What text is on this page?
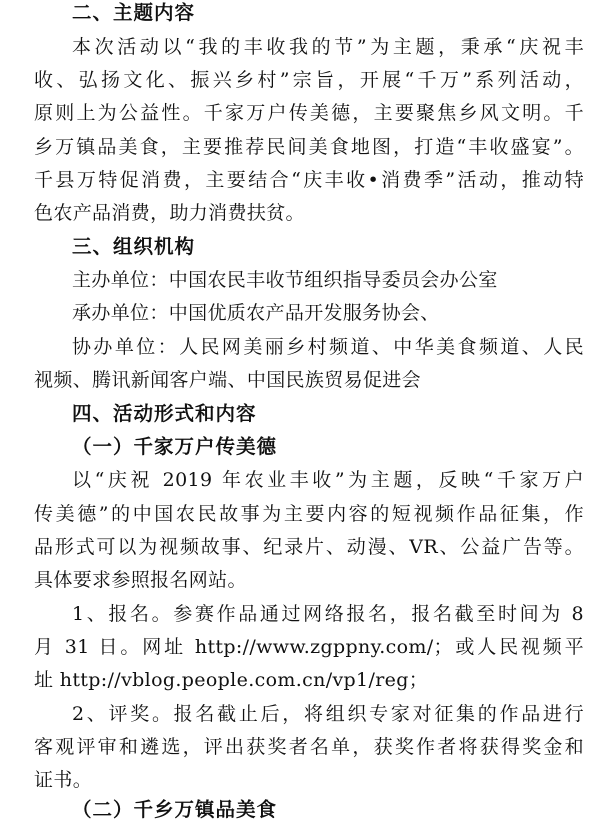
二、主题内容
本次活动以“我的丰收我的节”为主题，秉承“庆祝丰
收、弘扬文化、振兴乡村”宗旨，开展“千万”系列活动，
原则上为公益性。千家万户传美德，主要聚焦乡风文明。千
乡万镇品美食，主要推荐民间美食地图，打造“丰收盛宴”。
千县万特促消费，主要结合“庆丰收•消费季”活动，推动特
色农产品消费，助力消费扶贫。
三、组织机构
主办单位：中国农民丰收节组织指导委员会办公室
承办单位：中国优质农产品开发服务协会、
协办单位：人民网美丽乡村频道、中华美食频道、人民
视频、腾讯新闻客户端、中国民族贸易促进会
四、活动形式和内容
（一）千家万户传美德
以“庆祝 2019 年农业丰收”为主题，反映“千家万户
传美德”的中国农民故事为主要内容的短视频作品征集，作
品形式可以为视频故事、纪录片、动漫、VR、公益广告等。
具体要求参照报名网站。
1、报名。参赛作品通过网络报名，报名截至时间为 8
月 31 日。网址 http://www.zgppny.com/；或人民视频平
址 http://vblog.people.com.cn/vp1/reg；
2、评奖。报名截止后，将组织专家对征集的作品进行
客观评审和遴选，评出获奖者名单，获奖作者将获得奖金和
证书。
（二）千乡万镇品美食
